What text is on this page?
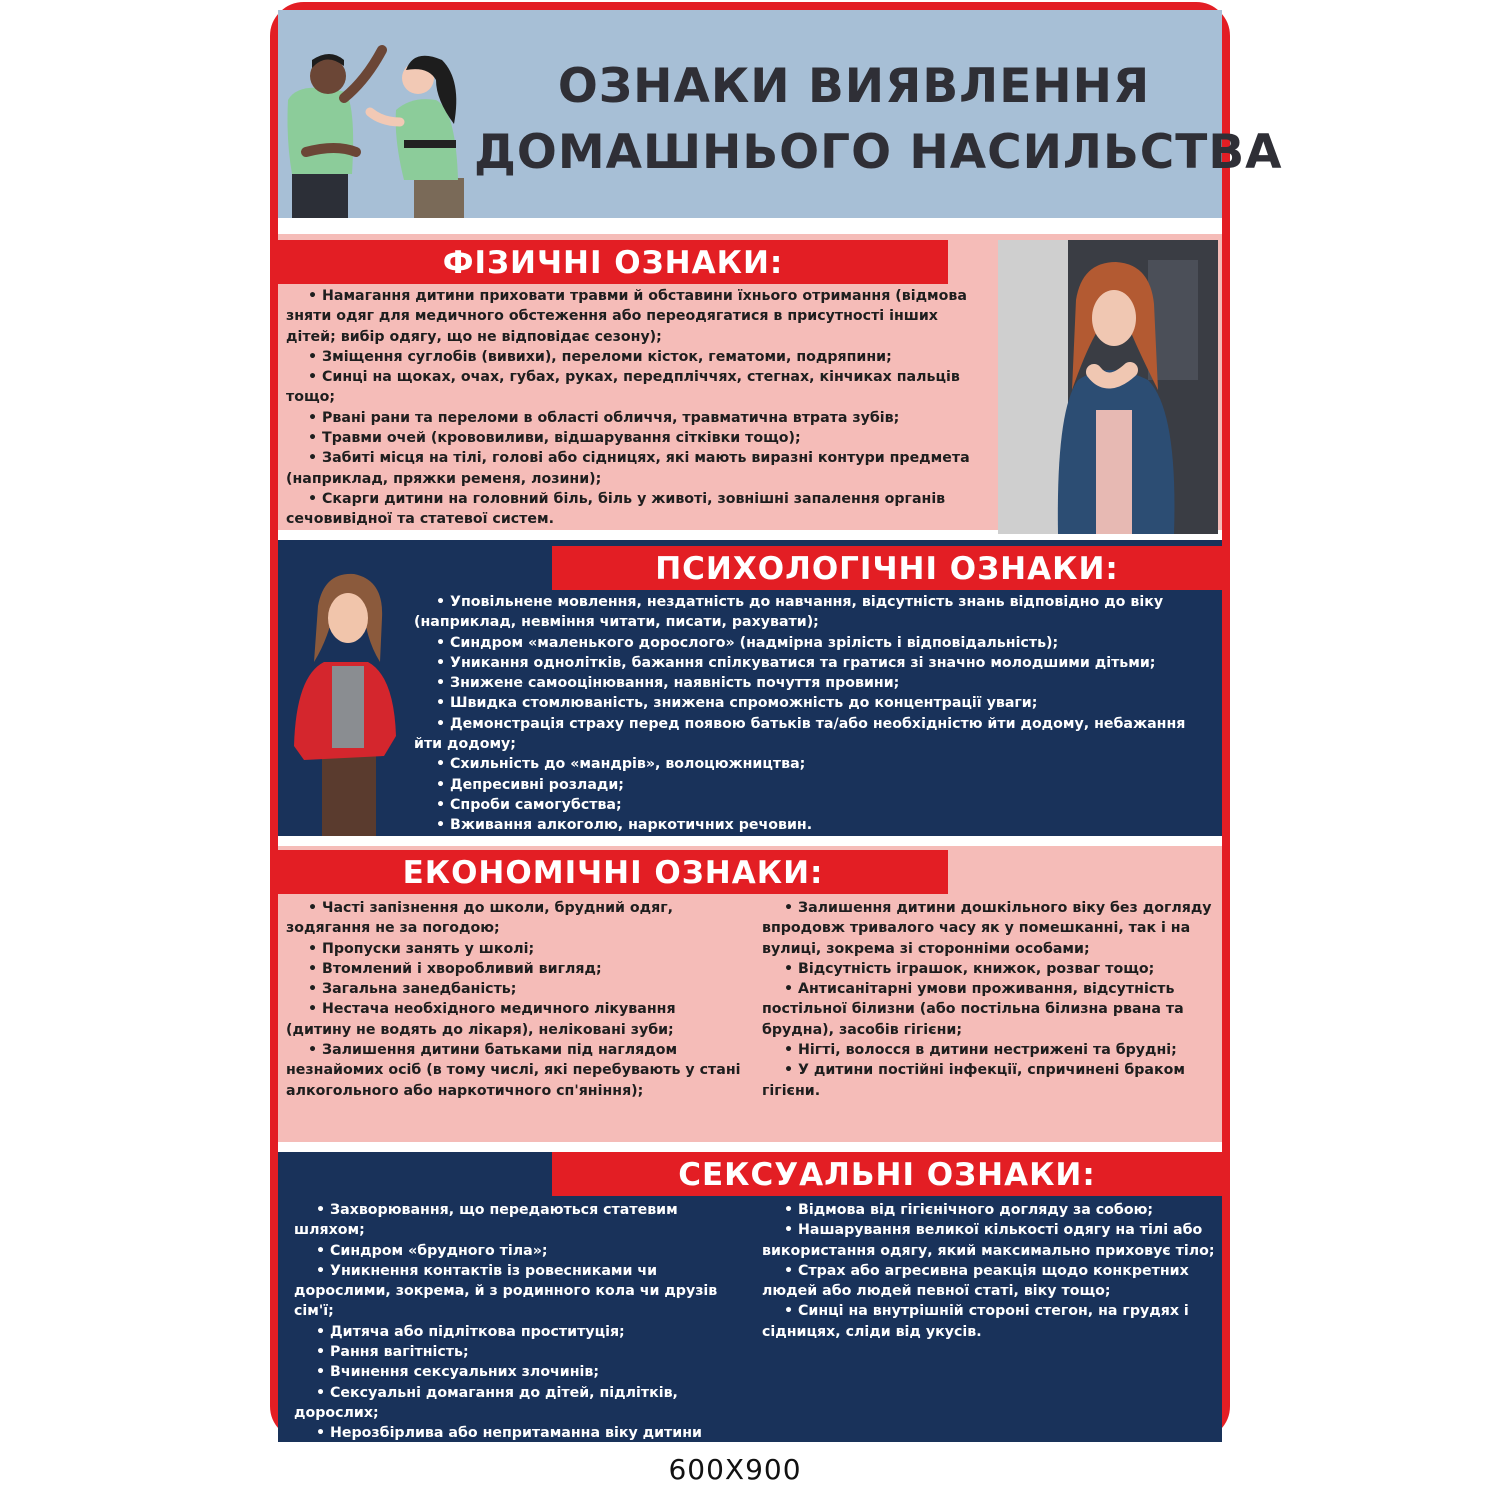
ОЗНАКИ ВИЯВЛЕННЯ
ДОМАШНЬОГО НАСИЛЬСТВА
ФІЗИЧНІ ОЗНАКИ:
• Намагання дитини приховати травми й обставини їхнього отримання (відмова зняти одяг для медичного обстеження або переодягатися в присутності інших дітей; вибір одягу, що не відповідає сезону);
• Зміщення суглобів (вивихи), переломи кісток, гематоми, подряпини;
• Синці на щоках, очах, губах, руках, передпліччях, стегнах, кінчиках пальців тощо;
• Рвані рани та переломи в області обличчя, травматична втрата зубів;
• Травми очей (крововиливи, відшарування сітківки тощо);
• Забиті місця на тілі, голові або сідницях, які мають виразні контури предмета (наприклад, пряжки ременя, лозини);
• Скарги дитини на головний біль, біль у животі, зовнішні запалення органів сечовивідної та статевої систем.
ПСИХОЛОГІЧНІ ОЗНАКИ:
• Уповільнене мовлення, нездатність до навчання, відсутність знань відповідно до віку (наприклад, невміння читати, писати, рахувати);
• Синдром «маленького дорослого» (надмірна зрілість і відповідальність);
• Уникання однолітків, бажання спілкуватися та гратися зі значно молодшими дітьми;
• Знижене самооцінювання, наявність почуття провини;
• Швидка стомлюваність, знижена спроможність до концентрації уваги;
• Демонстрація страху перед появою батьків та/або необхідністю йти додому, небажання йти додому;
• Схильність до «мандрів», волоцюжництва;
• Депресивні розлади;
• Спроби самогубства;
• Вживання алкоголю, наркотичних речовин.
ЕКОНОМІЧНІ ОЗНАКИ:
• Часті запізнення до школи, брудний одяг, зодягання не за погодою;
• Пропуски занять у школі;
• Втомлений і хворобливий вигляд;
• Загальна занедбаність;
• Нестача необхідного медичного лікування (дитину не водять до лікаря), неліковані зуби;
• Залишення дитини батьками під наглядом незнайомих осіб (в тому числі, які перебувають у стані алкогольного або наркотичного сп'яніння);
• Залишення дитини дошкільного віку без догляду впродовж тривалого часу як у помешканні, так і на вулиці, зокрема зі сторонніми особами;
• Відсутність іграшок, книжок, розваг тощо;
• Антисанітарні умови проживання, відсутність постільної білизни (або постільна білизна рвана та брудна), засобів гігієни;
• Нігті, волосся в дитини нестрижені та брудні;
• У дитини постійні інфекції, спричинені браком гігієни.
СЕКСУАЛЬНІ ОЗНАКИ:
• Захворювання, що передаються статевим шляхом;
• Синдром «брудного тіла»;
• Уникнення контактів із ровесниками чи дорослими, зокрема, й з родинного кола чи друзів сім'ї;
• Дитяча або підліткова проституція;
• Рання вагітність;
• Вчинення сексуальних злочинів;
• Сексуальні домагання до дітей, підлітків, дорослих;
• Нерозбірлива або непритаманна віку дитини сексуальна поведінка.
• Відмова від гігієнічного догляду за собою;
• Нашарування великої кількості одягу на тілі або використання одягу, який максимально приховує тіло;
• Страх або агресивна реакція щодо конкретних людей або людей певної статі, віку тощо;
• Синці на внутрішній стороні стегон, на грудях і сідницях, сліди від укусів.
600X900
